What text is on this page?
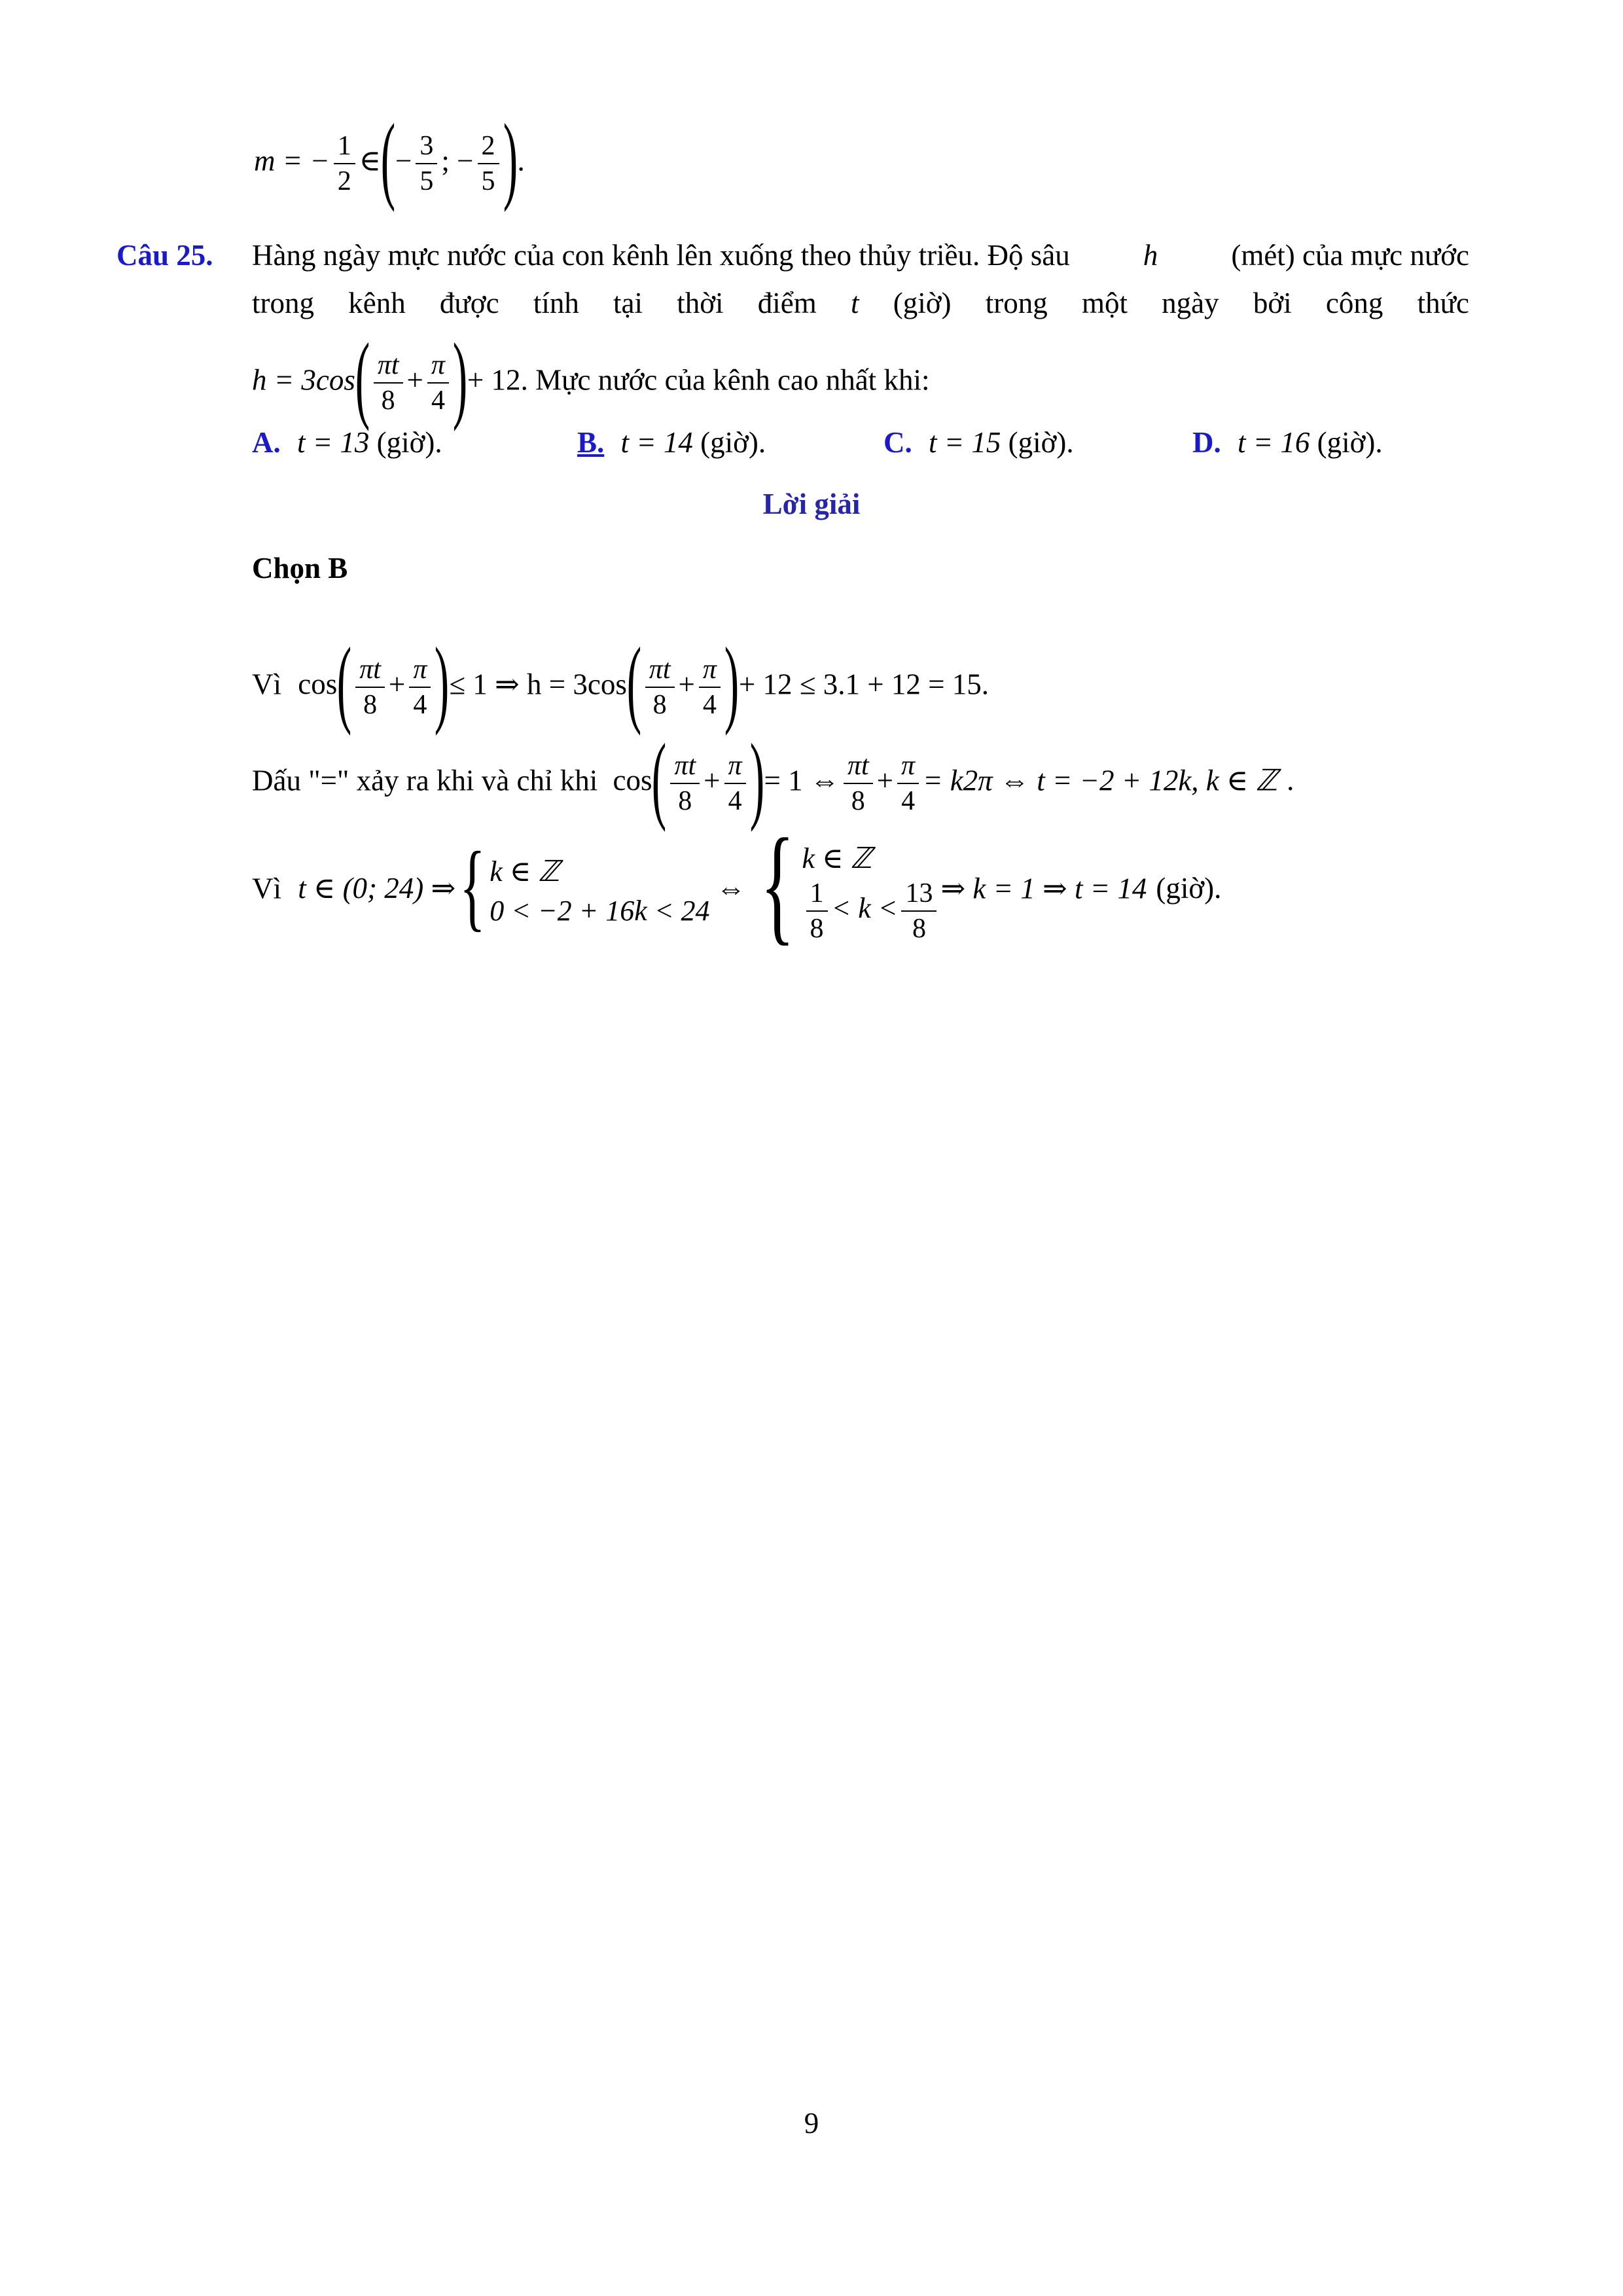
m = − $\frac{1}{2}$ ∈(− $\frac{3}{5}$ ; − $\frac{2}{5}$ ).
Câu 25. Hàng ngày mực nước của con kênh lên xuống theo thủy triều. Độ sâu h (mét) của mực nước
trong kênh được tính tại thời điểm t (giờ) trong một ngày bởi công thức
$h = 3\cos( \frac{\pi t}{8} + \frac{\pi}{4}$ )+ 12. Mực nước của kênh cao nhất khi:
A. t = 13 (giờ).	B. t = 14 (giờ).	C. t = 15 (giờ).	D. t = 16 (giờ).
Lời giải
Chọn B
Vì $\cos( \frac{\pi t}{8} + \frac{\pi}{4}$ )≤ 1 ⇒ $h = 3\cos( \frac{\pi t}{8} + \frac{\pi}{4}$ )+ 12 ≤ 3.1 + 12 = 15.
Dấu "=" xảy ra khi và chỉ khi $\cos( \frac{\pi t}{8} + \frac{\pi}{4}$ )= 1 ⇔ $\frac{\pi t}{8} + \frac{\pi}{4} = k2\pi$ ⇔ t = −2 + 12k, k ∈ ℤ .
Vì t ∈ (0; 24) ⇒{ k ∈ ℤ
0 < −2 + 16k < 24
⇔ { k ∈ ℤ
$\frac{1}{8} < k < \frac{13}{8}$ ⇒ k = 1 ⇒ t = 14 (giờ).
9
